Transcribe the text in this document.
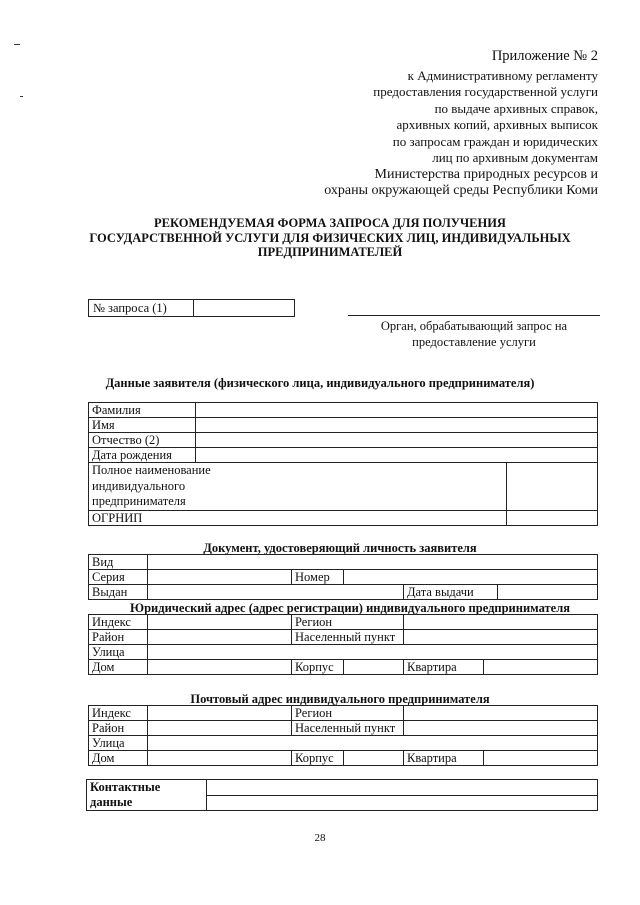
Приложение № 2
к Административному регламенту
предоставления государственной услуги
по выдаче архивных справок,
архивных копий, архивных выписок
по запросам граждан и юридических
лиц по архивным документам
Министерства природных ресурсов и
охраны окружающей среды Республики Коми
РЕКОМЕНДУЕМАЯ ФОРМА ЗАПРОСА ДЛЯ ПОЛУЧЕНИЯ
ГОСУДАРСТВЕННОЙ УСЛУГИ ДЛЯ ФИЗИЧЕСКИХ ЛИЦ, ИНДИВИДУАЛЬНЫХ
ПРЕДПРИНИМАТЕЛЕЙ
№ запроса (1)
Орган, обрабатывающий запрос на
предоставление услуги
Данные заявителя (физического лица, индивидуального предпринимателя)
Фамилия		
Имя		
Отчество (2)		
Дата рождения		

Полное наименование
индивидуального
предпринимателя		

ОГРНИП		
Документ, удостоверяющий личность заявителя
Вид					
Серия		Номер			
Выдан				Дата выдачи	
Юридический адрес (адрес регистрации) индивидуального предпринимателя
Индекс		Регион			
Район		Населенный пункт			
Улица					
Дом		Корпус		Квартира	
Почтовый адрес индивидуального предпринимателя
Индекс		Регион			
Район		Населенный пункт			
Улица					
Дом		Корпус		Квартира	
Контактные
данные

28
